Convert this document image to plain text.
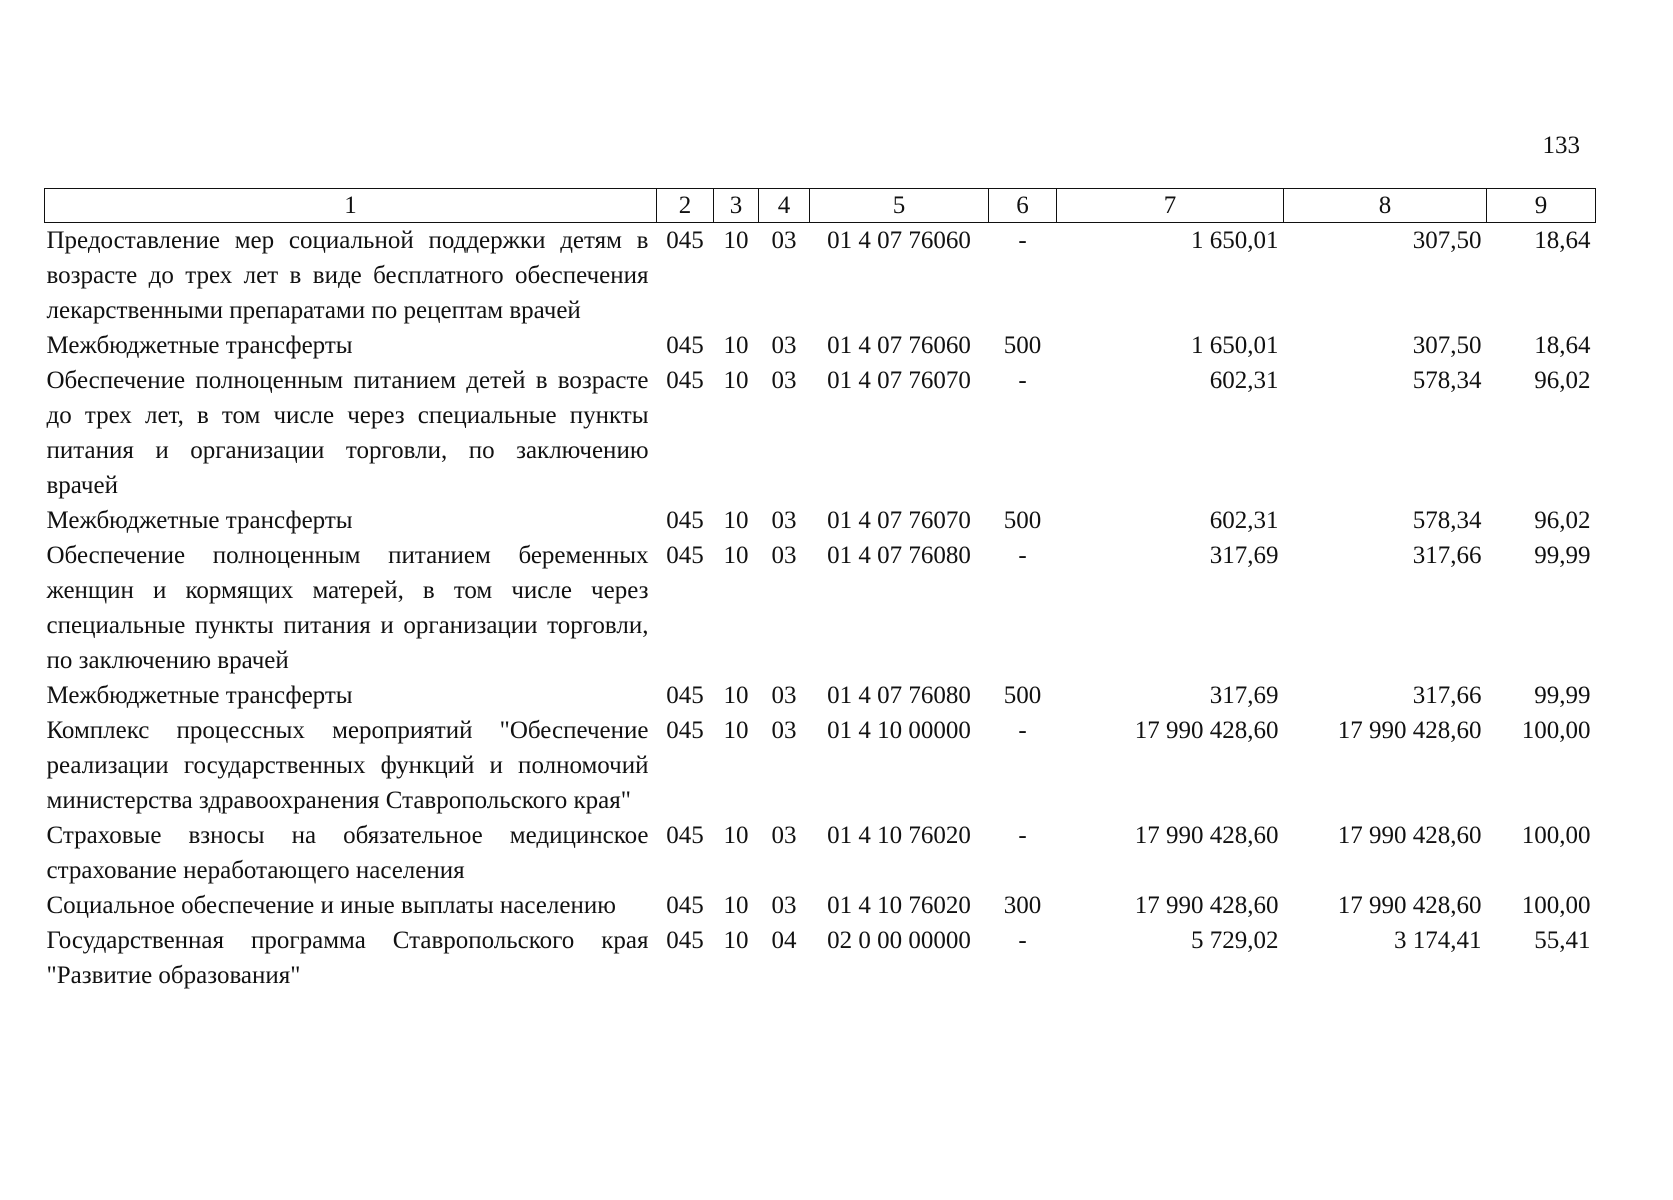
133
1	2	3	4	5	6	7	8	9
Предоставление мер социальной поддержки детям в возрасте до трех лет в виде бесплатного обеспечения лекарственными препаратами по рецептам врачей	045	10	03	01 4 07 76060	-	1 650,01	307,50	18,64
Межбюджетные трансферты	045	10	03	01 4 07 76060	500	1 650,01	307,50	18,64
Обеспечение полноценным питанием детей в возрасте до трех лет, в том числе через специальные пункты питания и организации торговли, по заключению врачей	045	10	03	01 4 07 76070	-	602,31	578,34	96,02
Межбюджетные трансферты	045	10	03	01 4 07 76070	500	602,31	578,34	96,02
Обеспечение полноценным питанием беременных женщин и кормящих матерей, в том числе через специальные пункты питания и организации торговли, по заключению врачей	045	10	03	01 4 07 76080	-	317,69	317,66	99,99
Межбюджетные трансферты	045	10	03	01 4 07 76080	500	317,69	317,66	99,99
Комплекс процессных мероприятий "Обеспечение реализации государственных функций и полномочий министерства здравоохранения Ставропольского края"	045	10	03	01 4 10 00000	-	17 990 428,60	17 990 428,60	100,00
Страховые взносы на обязательное медицинское страхование неработающего населения	045	10	03	01 4 10 76020	-	17 990 428,60	17 990 428,60	100,00
Социальное обеспечение и иные выплаты населению	045	10	03	01 4 10 76020	300	17 990 428,60	17 990 428,60	100,00
Государственная программа Ставропольского края "Развитие образования"	045	10	04	02 0 00 00000	-	5 729,02	3 174,41	55,41
